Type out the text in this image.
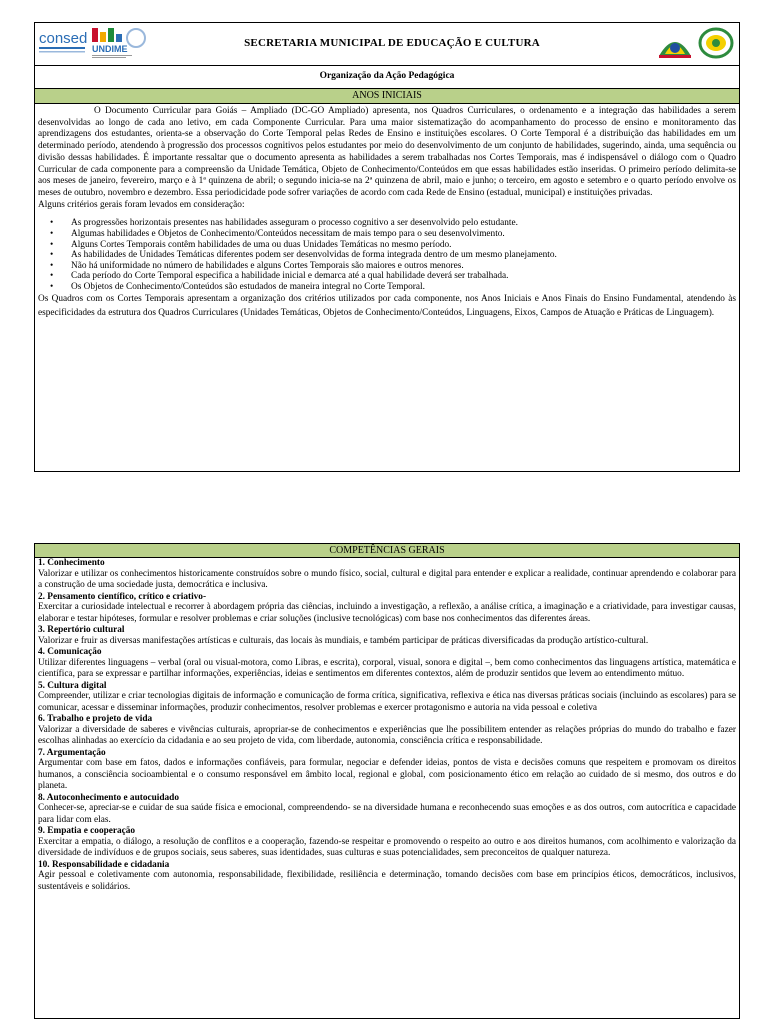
consed
UNDIME	SECRETARIA MUNICIPAL DE EDUCAÇÃO E CULTURA
Organização da Ação Pedagógica
ANOS INICIAIS

O Documento Curricular para Goiás – Ampliado (DC-GO Ampliado) apresenta, nos Quadros Curriculares, o ordenamento e a integração das habilidades a serem desenvolvidas ao longo de cada ano letivo, em cada Componente Curricular. Para uma maior sistematização do acompanhamento do processo de ensino e monitoramento das aprendizagens dos estudantes, orienta-se a observação do Corte Temporal pelas Redes de Ensino e instituições escolares. O Corte Temporal é a distribuição das habilidades em um determinado período, atendendo à progressão dos processos cognitivos pelos estudantes por meio do desenvolvimento de um conjunto de habilidades, sugerindo, ainda, uma sequência ou divisão dessas habilidades. É importante ressaltar que o documento apresenta as habilidades a serem trabalhadas nos Cortes Temporais, mas é indispensável o diálogo com o Quadro Curricular de cada componente para a compreensão da Unidade Temática, Objeto de Conhecimento/Conteúdos em que essas habilidades estão inseridas. O primeiro período delimita-se aos meses de janeiro, fevereiro, março e à 1ª quinzena de abril; o segundo inicia-se na 2ª quinzena de abril, maio e junho; o terceiro, em agosto e setembro e o quarto período envolve os meses de outubro, novembro e dezembro. Essa periodicidade pode sofrer variações de acordo com cada Rede de Ensino (estadual, municipal) e instituições privadas.

Alguns critérios gerais foram levados em consideração:

• As progressões horizontais presentes nas habilidades asseguram o processo cognitivo a ser desenvolvido pelo estudante.
• Algumas habilidades e Objetos de Conhecimento/Conteúdos necessitam de mais tempo para o seu desenvolvimento.
• Alguns Cortes Temporais contêm habilidades de uma ou duas Unidades Temáticas no mesmo período.
• As habilidades de Unidades Temáticas diferentes podem ser desenvolvidas de forma integrada dentro de um mesmo planejamento.
• Não há uniformidade no número de habilidades e alguns Cortes Temporais são maiores e outros menores.
• Cada período do Corte Temporal especifica a habilidade inicial e demarca até a qual habilidade deverá ser trabalhada.
• Os Objetos de Conhecimento/Conteúdos são estudados de maneira integral no Corte Temporal.

Os Quadros com os Cortes Temporais apresentam a organização dos critérios utilizados por cada componente, nos Anos Iniciais e Anos Finais do Ensino Fundamental, atendendo às especificidades da estrutura dos Quadros Curriculares (Unidades Temáticas, Objetos de Conhecimento/Conteúdos, Linguagens, Eixos, Campos de Atuação e Práticas de Linguagem).

COMPETÊNCIAS GERAIS
1. Conhecimento
Valorizar e utilizar os conhecimentos historicamente construídos sobre o mundo físico, social, cultural e digital para entender e explicar a realidade, continuar aprendendo e colaborar para a construção de uma sociedade justa, democrática e inclusiva.
2. Pensamento científico, crítico e criativo-
Exercitar a curiosidade intelectual e recorrer à abordagem própria das ciências, incluindo a investigação, a reflexão, a análise crítica, a imaginação e a criatividade, para investigar causas, elaborar e testar hipóteses, formular e resolver problemas e criar soluções (inclusive tecnológicas) com base nos conhecimentos das diferentes áreas.
3. Repertório cultural
Valorizar e fruir as diversas manifestações artísticas e culturais, das locais às mundiais, e também participar de práticas diversificadas da produção artístico-cultural.
4. Comunicação
Utilizar diferentes linguagens – verbal (oral ou visual-motora, como Libras, e escrita), corporal, visual, sonora e digital –, bem como conhecimentos das linguagens artística, matemática e científica, para se expressar e partilhar informações, experiências, ideias e sentimentos em diferentes contextos, além de produzir sentidos que levem ao entendimento mútuo.
5. Cultura digital
Compreender, utilizar e criar tecnologias digitais de informação e comunicação de forma crítica, significativa, reflexiva e ética nas diversas práticas sociais (incluindo as escolares) para se comunicar, acessar e disseminar informações, produzir conhecimentos, resolver problemas e exercer protagonismo e autoria na vida pessoal e coletiva
6. Trabalho e projeto de vida
Valorizar a diversidade de saberes e vivências culturais, apropriar-se de conhecimentos e experiências que lhe possibilitem entender as relações próprias do mundo do trabalho e fazer escolhas alinhadas ao exercício da cidadania e ao seu projeto de vida, com liberdade, autonomia, consciência crítica e responsabilidade.
7. Argumentação
Argumentar com base em fatos, dados e informações confiáveis, para formular, negociar e defender ideias, pontos de vista e decisões comuns que respeitem e promovam os direitos humanos, a consciência socioambiental e o consumo responsável em âmbito local, regional e global, com posicionamento ético em relação ao cuidado de si mesmo, dos outros e do planeta.
8. Autoconhecimento e autocuidado
Conhecer-se, apreciar-se e cuidar de sua saúde física e emocional, compreendendo- se na diversidade humana e reconhecendo suas emoções e as dos outros, com autocrítica e capacidade para lidar com elas.
9. Empatia e cooperação
Exercitar a empatia, o diálogo, a resolução de conflitos e a cooperação, fazendo-se respeitar e promovendo o respeito ao outro e aos direitos humanos, com acolhimento e valorização da diversidade de indivíduos e de grupos sociais, seus saberes, suas identidades, suas culturas e suas potencialidades, sem preconceitos de qualquer natureza.
10. Responsabilidade e cidadania
Agir pessoal e coletivamente com autonomia, responsabilidade, flexibilidade, resiliência e determinação, tomando decisões com base em princípios éticos, democráticos, inclusivos, sustentáveis e solidários.
